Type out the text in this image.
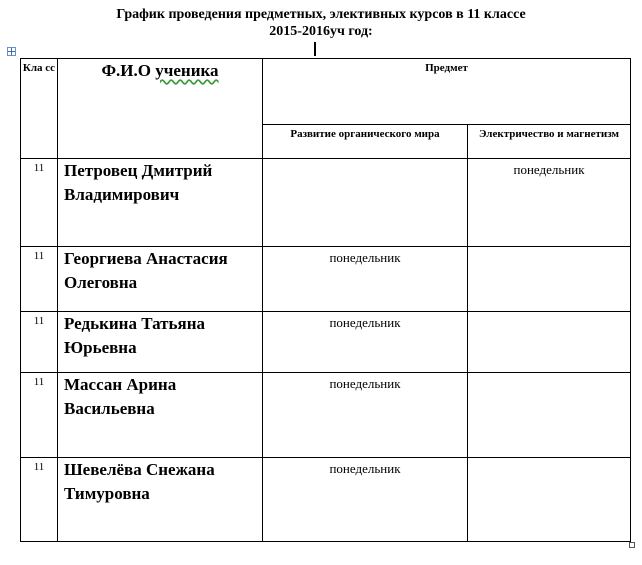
График проведения предметных, элективных курсов в 11 классе
2015-2016уч год:
Кла сс	Ф.И.О ученика	Предмет	
		Развитие органического мира	Электричество и магнетизм
11	Петровец Дмитрий Владимирович		понедельник
11	Георгиева Анастасия Олеговна	понедельник	
11	Редькина Татьяна Юрьевна	понедельник	
11	Массан Арина Васильевна	понедельник	
11	Шевелёва Снежана Тимуровна	понедельник	
